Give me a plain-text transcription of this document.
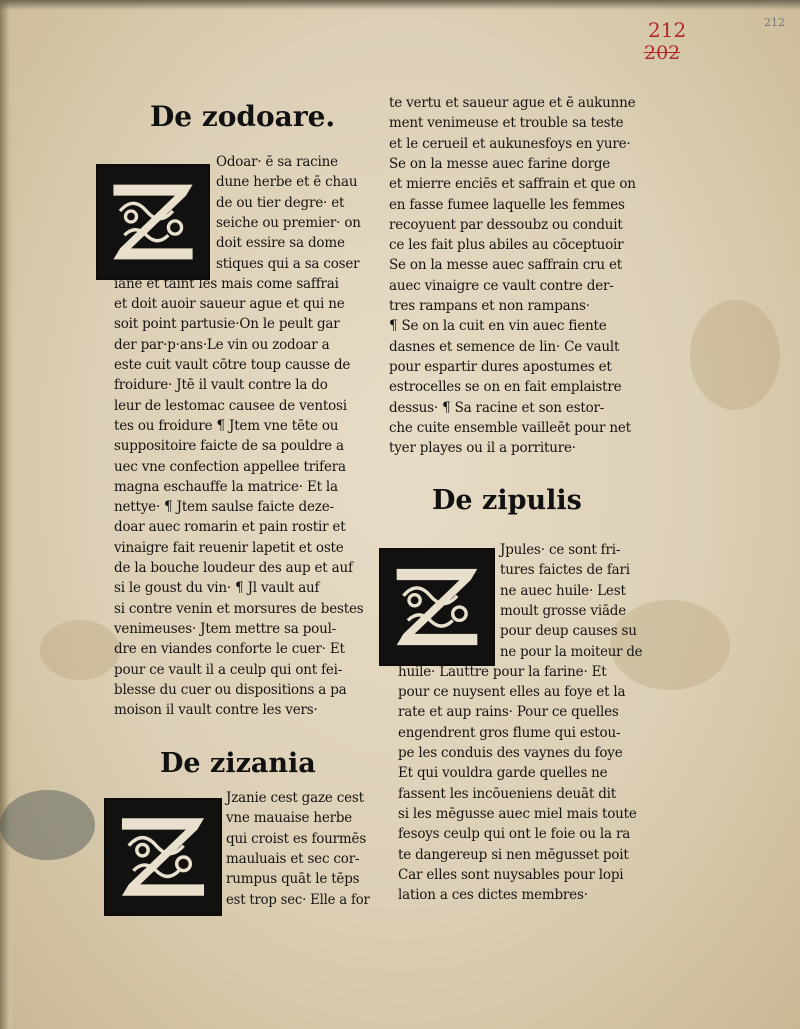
212
202
212
De zodoare.
De zizania
De zipulis
Odoar· ē sa racine
dune herbe et ē chau
de ou tier degre· et
seiche ou premier· on
doit essire sa dome
stiques qui a sa coser
iane et taint les mais come saffrai
et doit auoir saueur ague et qui ne
soit point partusie·On le peult gar
der par·p·ans·Le vin ou zodoar a
este cuit vault cōtre toup causse de
froidure· Jtē il vault contre la do
leur de lestomac causee de ventosi
tes ou froidure ¶ Jtem vne tēte ou
suppositoire faicte de sa pouldre a
uec vne confection appellee trifera
magna eschauffe la matrice· Et la
nettye· ¶ Jtem saulse faicte deze-
doar auec romarin et pain rostir et
vinaigre fait reuenir lapetit et oste
de la bouche loudeur des aup et auf
si le goust du vin· ¶ Jl vault auf
si contre venin et morsures de bestes
venimeuses· Jtem mettre sa poul-
dre en viandes conforte le cuer· Et
pour ce vault il a ceulp qui ont fei-
blesse du cuer ou dispositions a pa
moison il vault contre les vers·
Jzanie cest gaze cest
vne mauaise herbe
qui croist es fourmēs
mauluais et sec cor-
rumpus quāt le tēps
est trop sec· Elle a for
te vertu et saueur ague et ē aukunne
ment venimeuse et trouble sa teste
et le cerueil et aukunesfoys en yure·
Se on la messe auec farine dorge
et mierre enciēs et saffrain et que on
en fasse fumee laquelle les femmes
recoyuent par dessoubz ou conduit
ce les fait plus abiles au cōceptuoir
Se on la messe auec saffrain cru et
auec vinaigre ce vault contre der-
tres rampans et non rampans·
¶ Se on la cuit en vin auec fiente
dasnes et semence de lin· Ce vault
pour espartir dures apostumes et
estrocelles se on en fait emplaistre
dessus· ¶ Sa racine et son estor-
che cuite ensemble vailleēt pour net
tyer playes ou il a porriture·
Jpules· ce sont fri-
tures faictes de fari
ne auec huile· Lest
moult grosse viāde
pour deup causes su
ne pour la moiteur de
huile· Lauttre pour la farine· Et
pour ce nuysent elles au foye et la
rate et aup rains· Pour ce quelles
engendrent gros flume qui estou-
pe les conduis des vaynes du foye
Et qui vouldra garde quelles ne
fassent les incōueniens deuāt dit
si les mēgusse auec miel mais toute
fesoys ceulp qui ont le foie ou la ra
te dangereup si nen mēgusset poit
Car elles sont nuysables pour lopi
lation a ces dictes membres·
